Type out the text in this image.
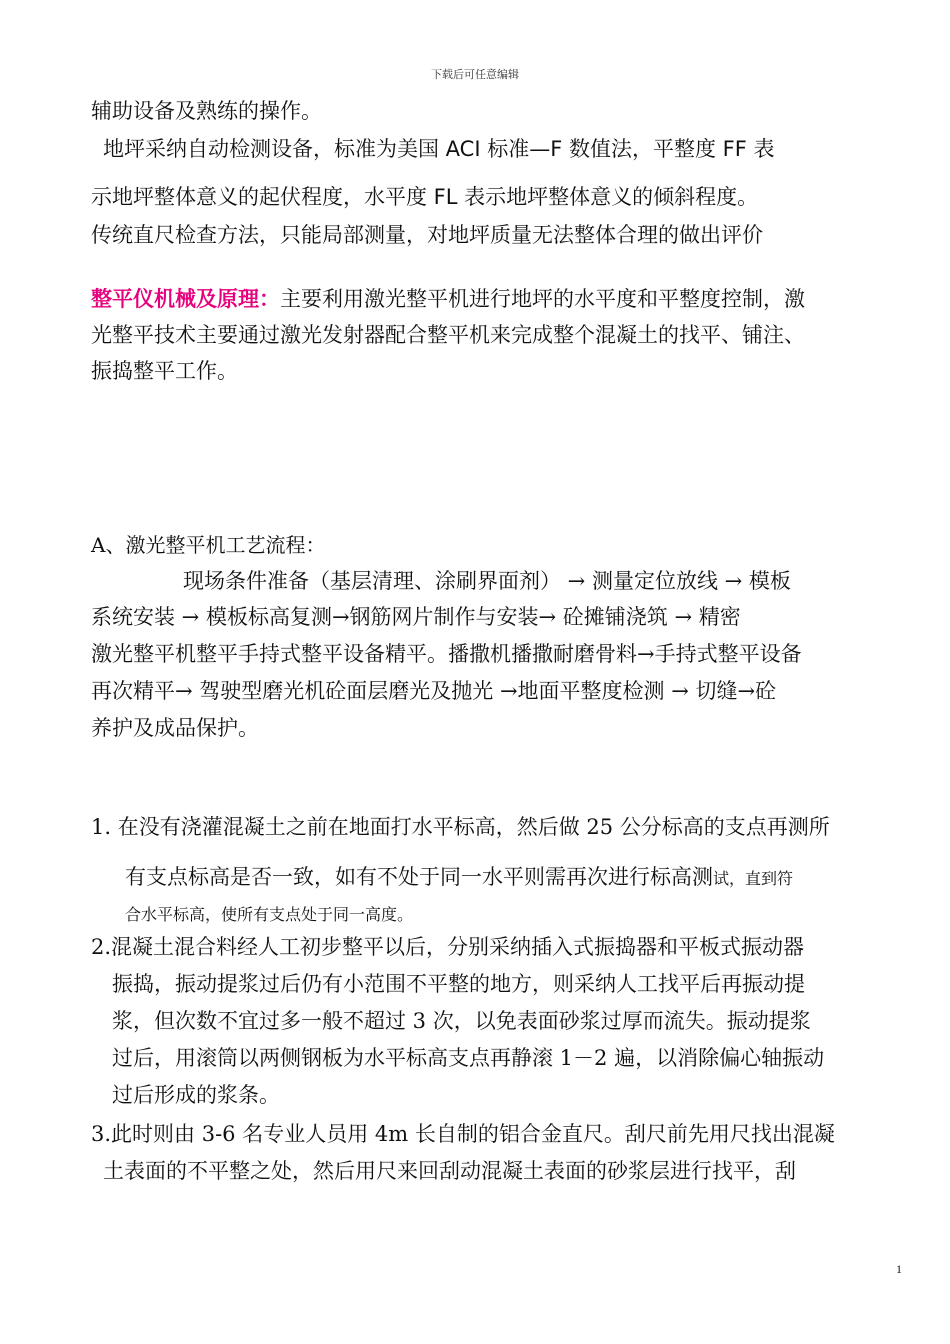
下载后可任意编辑
辅助设备及熟练的操作。
地坪采纳自动检测设备，标准为美国 ACI 标准—F 数值法，平整度 FF 表
示地坪整体意义的起伏程度，水平度 FL 表示地坪整体意义的倾斜程度。
传统直尺检查方法，只能局部测量，对地坪质量无法整体合理的做出评价
整平仪机械及原理：主要利用激光整平机进行地坪的水平度和平整度控制，激
光整平技术主要通过激光发射器配合整平机来完成整个混凝土的找平、铺注、
振捣整平工作。
A、激光整平机工艺流程：
现场条件准备（基层清理、涂刷界面剂） → 测量定位放线 → 模板
系统安装 → 模板标高复测→钢筋网片制作与安装→ 砼摊铺浇筑 → 精密
激光整平机整平手持式整平设备精平。播撒机播撒耐磨骨料→手持式整平设备
再次精平→ 驾驶型磨光机砼面层磨光及抛光 →地面平整度检测 → 切缝→砼
养护及成品保护。
1. 在没有浇灌混凝土之前在地面打水平标高，然后做 25 公分标高的支点再测所
有支点标高是否一致，如有不处于同一水平则需再次进行标高测试，直到符
合水平标高，使所有支点处于同一高度。
2.混凝土混合料经人工初步整平以后，分别采纳插入式振捣器和平板式振动器
振捣，振动提浆过后仍有小范围不平整的地方，则采纳人工找平后再振动提
浆，但次数不宜过多一般不超过 3 次，以免表面砂浆过厚而流失。振动提浆
过后，用滚筒以两侧钢板为水平标高支点再静滚 1－2 遍，以消除偏心轴振动
过后形成的浆条。
3.此时则由 3-6 名专业人员用 4m 长自制的铝合金直尺。刮尺前先用尺找出混凝
土表面的不平整之处，然后用尺来回刮动混凝土表面的砂浆层进行找平，刮
1
